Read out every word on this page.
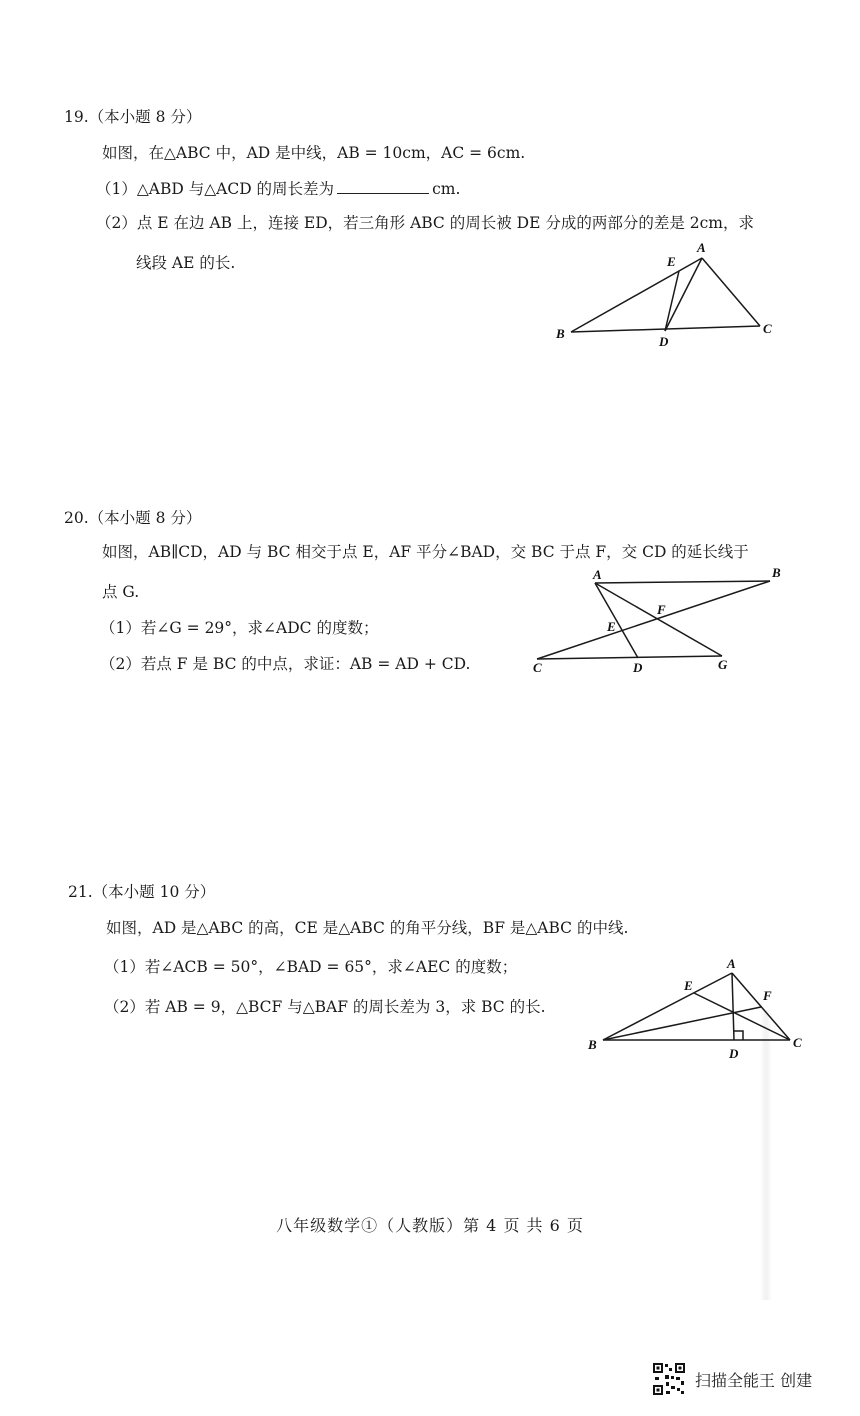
19.（本小题 8 分）
如图，在△ABC 中，AD 是中线，AB = 10cm，AC = 6cm.
（1）△ABD 与△ACD 的周长差为	cm.
（2）点 E 在边 AB 上，连接 ED，若三角形 ABC 的周长被 DE 分成的两部分的差是 2cm，求
线段 AE 的长.
A
E
B
D
C
20.（本小题 8 分）
如图，AB∥CD，AD 与 BC 相交于点 E，AF 平分∠BAD，交 BC 于点 F，交 CD 的延长线于
点 G.
（1）若∠G = 29°，求∠ADC 的度数；
（2）若点 F 是 BC 的中点，求证：AB = AD + CD.
A	B
F
E
C	D	G
21.（本小题 10 分）
如图，AD 是△ABC 的高，CE 是△ABC 的角平分线，BF 是△ABC 的中线.
（1）若∠ACB = 50°，∠BAD = 65°，求∠AEC 的度数；
（2）若 AB = 9，△BCF 与△BAF 的周长差为 3，求 BC 的长.
A
E
F
B
D
C
八年级数学①（人教版）第 4 页 共 6 页
扫描全能王 创建
